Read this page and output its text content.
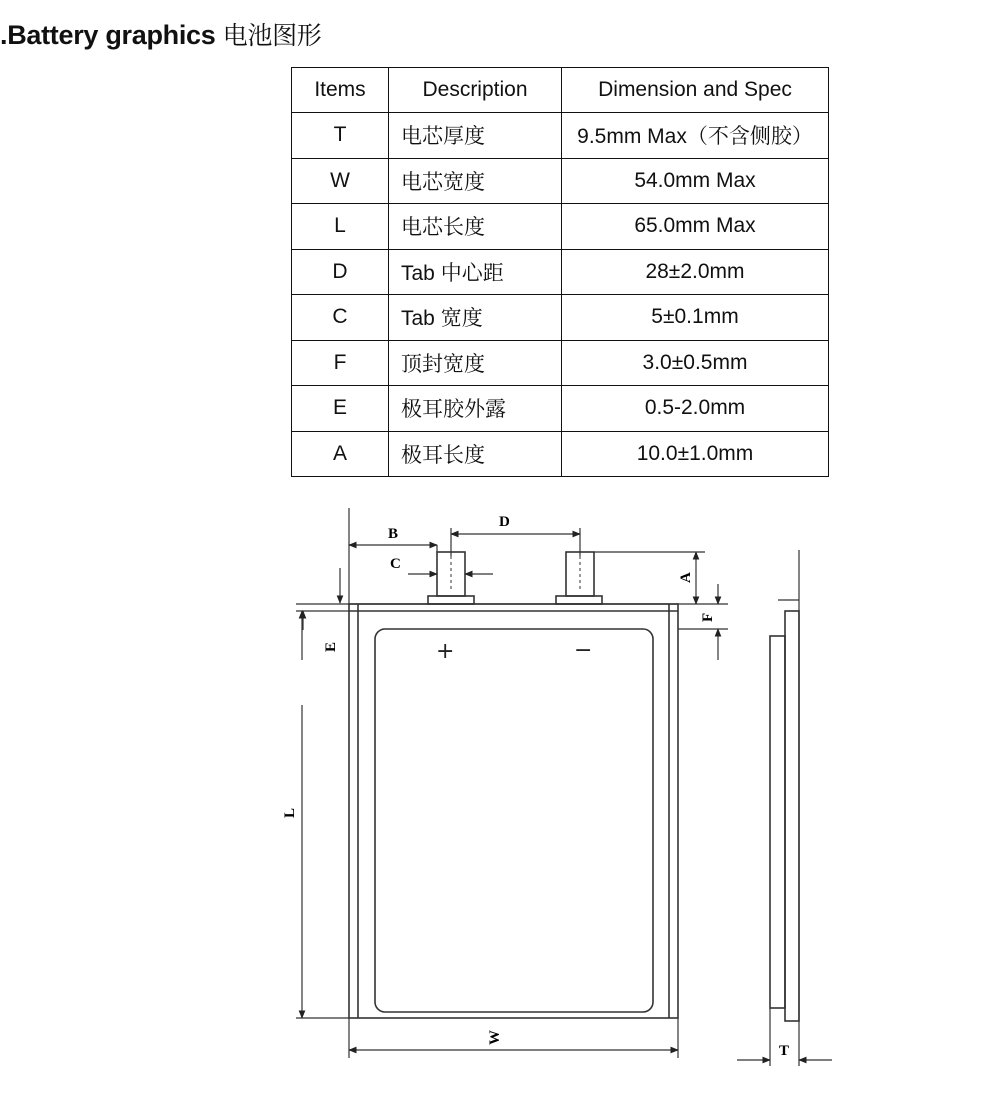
.Battery graphics 电池图形
Items	Description	Dimension and Spec
T	电芯厚度	9.5mm Max（不含侧胶）
W	电芯宽度	54.0mm Max
L	电芯长度	65.0mm Max
D	Tab 中心距	28±2.0mm
C	Tab 宽度	5±0.1mm
F	顶封宽度	3.0±0.5mm
E	极耳胶外露	0.5-2.0mm
A	极耳长度	10.0±1.0mm
B
C
D
A
F
E
L
W
T
+	−
